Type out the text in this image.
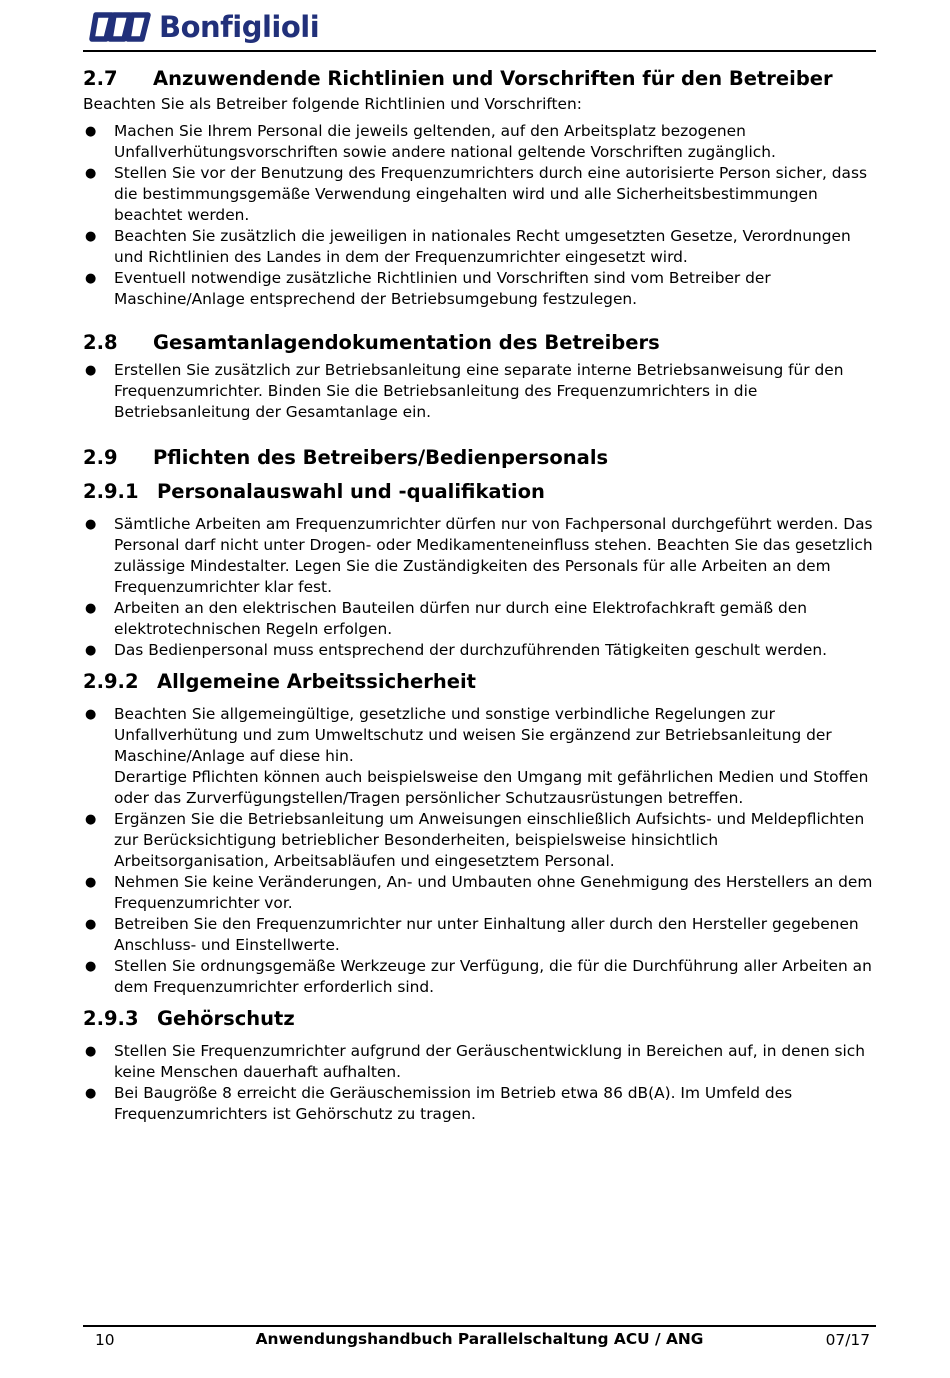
Bonfiglioli
2.7 Anzuwendende Richtlinien und Vorschriften für den Betreiber

Beachten Sie als Betreiber folgende Richtlinien und Vorschriften:

● Machen Sie Ihrem Personal die jeweils geltenden, auf den Arbeitsplatz bezogenen Unfallverhütungsvorschriften sowie andere national geltende Vorschriften zugänglich.
● Stellen Sie vor der Benutzung des Frequenzumrichters durch eine autorisierte Person sicher, dass die bestimmungsgemäße Verwendung eingehalten wird und alle Sicherheitsbestimmungen beachtet werden.
● Beachten Sie zusätzlich die jeweiligen in nationales Recht umgesetzten Gesetze, Verordnungen und Richtlinien des Landes in dem der Frequenzumrichter eingesetzt wird.
● Eventuell notwendige zusätzliche Richtlinien und Vorschriften sind vom Betreiber der Maschine/Anlage entsprechend der Betriebsumgebung festzulegen.
2.8 Gesamtanlagendokumentation des Betreibers
● Erstellen Sie zusätzlich zur Betriebsanleitung eine separate interne Betriebsanweisung für den Frequenzumrichter. Binden Sie die Betriebsanleitung des Frequenzumrichters in die Betriebsanleitung der Gesamtanlage ein.
2.9 Pflichten des Betreibers/Bedienpersonals
2.9.1 Personalauswahl und -qualifikation
● Sämtliche Arbeiten am Frequenzumrichter dürfen nur von Fachpersonal durchgeführt werden. Das Personal darf nicht unter Drogen- oder Medikamenteneinfluss stehen. Beachten Sie das gesetzlich zulässige Mindestalter. Legen Sie die Zuständigkeiten des Personals für alle Arbeiten an dem Frequenzumrichter klar fest.
● Arbeiten an den elektrischen Bauteilen dürfen nur durch eine Elektrofachkraft gemäß den elektrotechnischen Regeln erfolgen.
● Das Bedienpersonal muss entsprechend der durchzuführenden Tätigkeiten geschult werden.
2.9.2 Allgemeine Arbeitssicherheit
● Beachten Sie allgemeingültige, gesetzliche und sonstige verbindliche Regelungen zur Unfallverhütung und zum Umweltschutz und weisen Sie ergänzend zur Betriebsanleitung der Maschine/Anlage auf diese hin.
Derartige Pflichten können auch beispielsweise den Umgang mit gefährlichen Medien und Stoffen oder das Zurverfügungstellen/Tragen persönlicher Schutzausrüstungen betreffen.
● Ergänzen Sie die Betriebsanleitung um Anweisungen einschließlich Aufsichts- und Meldepflichten zur Berücksichtigung betrieblicher Besonderheiten, beispielsweise hinsichtlich Arbeitsorganisation, Arbeitsabläufen und eingesetztem Personal.
● Nehmen Sie keine Veränderungen, An- und Umbauten ohne Genehmigung des Herstellers an dem Frequenzumrichter vor.
● Betreiben Sie den Frequenzumrichter nur unter Einhaltung aller durch den Hersteller gegebenen Anschluss- und Einstellwerte.
● Stellen Sie ordnungsgemäße Werkzeuge zur Verfügung, die für die Durchführung aller Arbeiten an dem Frequenzumrichter erforderlich sind.
2.9.3 Gehörschutz
● Stellen Sie Frequenzumrichter aufgrund der Geräuschentwicklung in Bereichen auf, in denen sich keine Menschen dauerhaft aufhalten.
● Bei Baugröße 8 erreicht die Geräuschemission im Betrieb etwa 86 dB(A). Im Umfeld des Frequenzumrichters ist Gehörschutz zu tragen.
10	Anwendungshandbuch Parallelschaltung ACU / ANG	07/17
